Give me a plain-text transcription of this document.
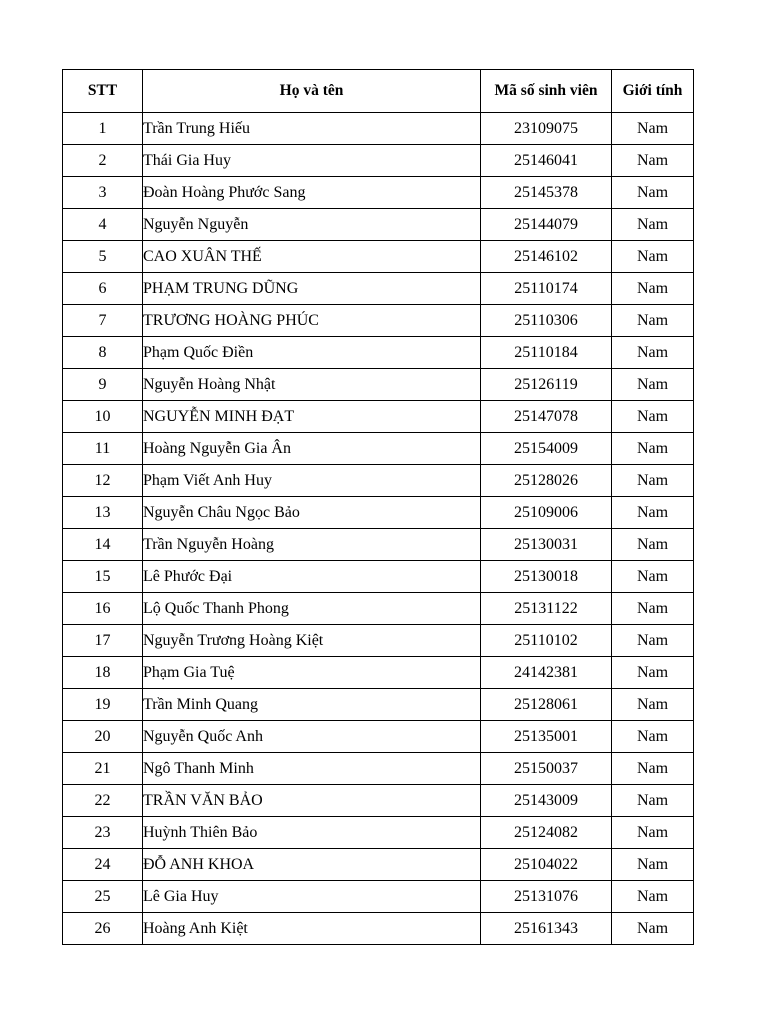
STT	Họ và tên	Mã số sinh viên	Giới tính
1	Trần Trung Hiếu	23109075	Nam
2	Thái Gia Huy	25146041	Nam
3	Đoàn Hoàng Phước Sang	25145378	Nam
4	Nguyễn Nguyễn	25144079	Nam
5	CAO XUÂN THẾ	25146102	Nam
6	PHẠM TRUNG DŨNG	25110174	Nam
7	TRƯƠNG HOÀNG PHÚC	25110306	Nam
8	Phạm Quốc Điền	25110184	Nam
9	Nguyễn Hoàng Nhật	25126119	Nam
10	NGUYỄN MINH ĐẠT	25147078	Nam
11	Hoàng Nguyễn Gia Ân	25154009	Nam
12	Phạm Viết Anh Huy	25128026	Nam
13	Nguyễn Châu Ngọc Bảo	25109006	Nam
14	Trần Nguyễn Hoàng	25130031	Nam
15	Lê Phước Đại	25130018	Nam
16	Lộ Quốc Thanh Phong	25131122	Nam
17	Nguyễn Trương Hoàng Kiệt	25110102	Nam
18	Phạm Gia Tuệ	24142381	Nam
19	Trần Minh Quang	25128061	Nam
20	Nguyễn Quốc Anh	25135001	Nam
21	Ngô Thanh Minh	25150037	Nam
22	TRẦN VĂN BẢO	25143009	Nam
23	Huỳnh Thiên Bảo	25124082	Nam
24	ĐỖ ANH KHOA	25104022	Nam
25	Lê Gia Huy	25131076	Nam
26	Hoàng Anh Kiệt	25161343	Nam
